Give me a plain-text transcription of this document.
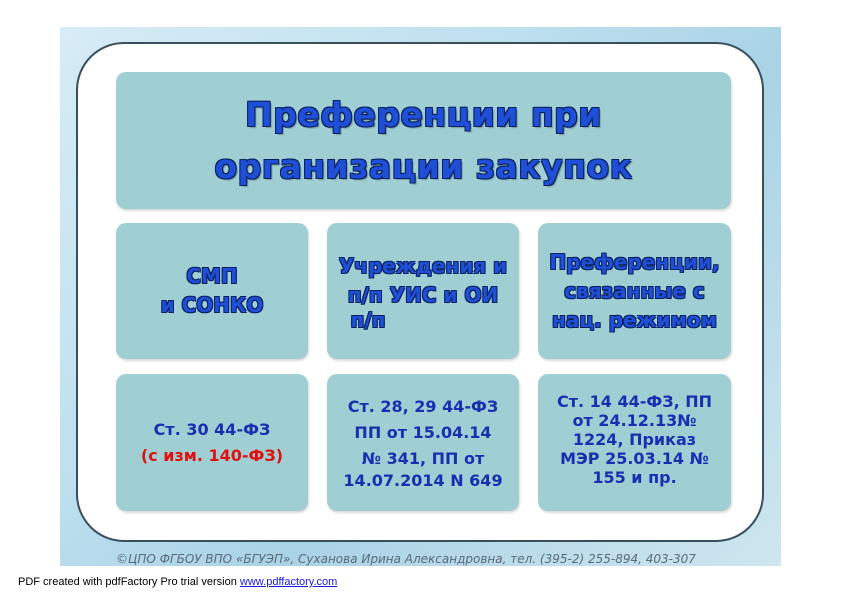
Преференции при
организации закупок
СМП
и СОНКО
Учреждения и
п/п УИС и ОИ
п/п
Преференции,
связанные с
нац. режимом
Ст. 30 44-ФЗ
(с изм. 140-ФЗ)
Ст. 28, 29 44-ФЗ
ПП от 15.04.14
№ 341, ПП от
14.07.2014 N 649
Ст. 14 44-ФЗ, ПП
от 24.12.13№
1224, Приказ
МЭР 25.03.14 №
155 и пр.
©ЦПО ФГБОУ ВПО «БГУЭП», Суханова Ирина Александровна, тел. (395-2) 255-894, 403-307
PDF created with pdfFactory Pro trial version www.pdffactory.com
